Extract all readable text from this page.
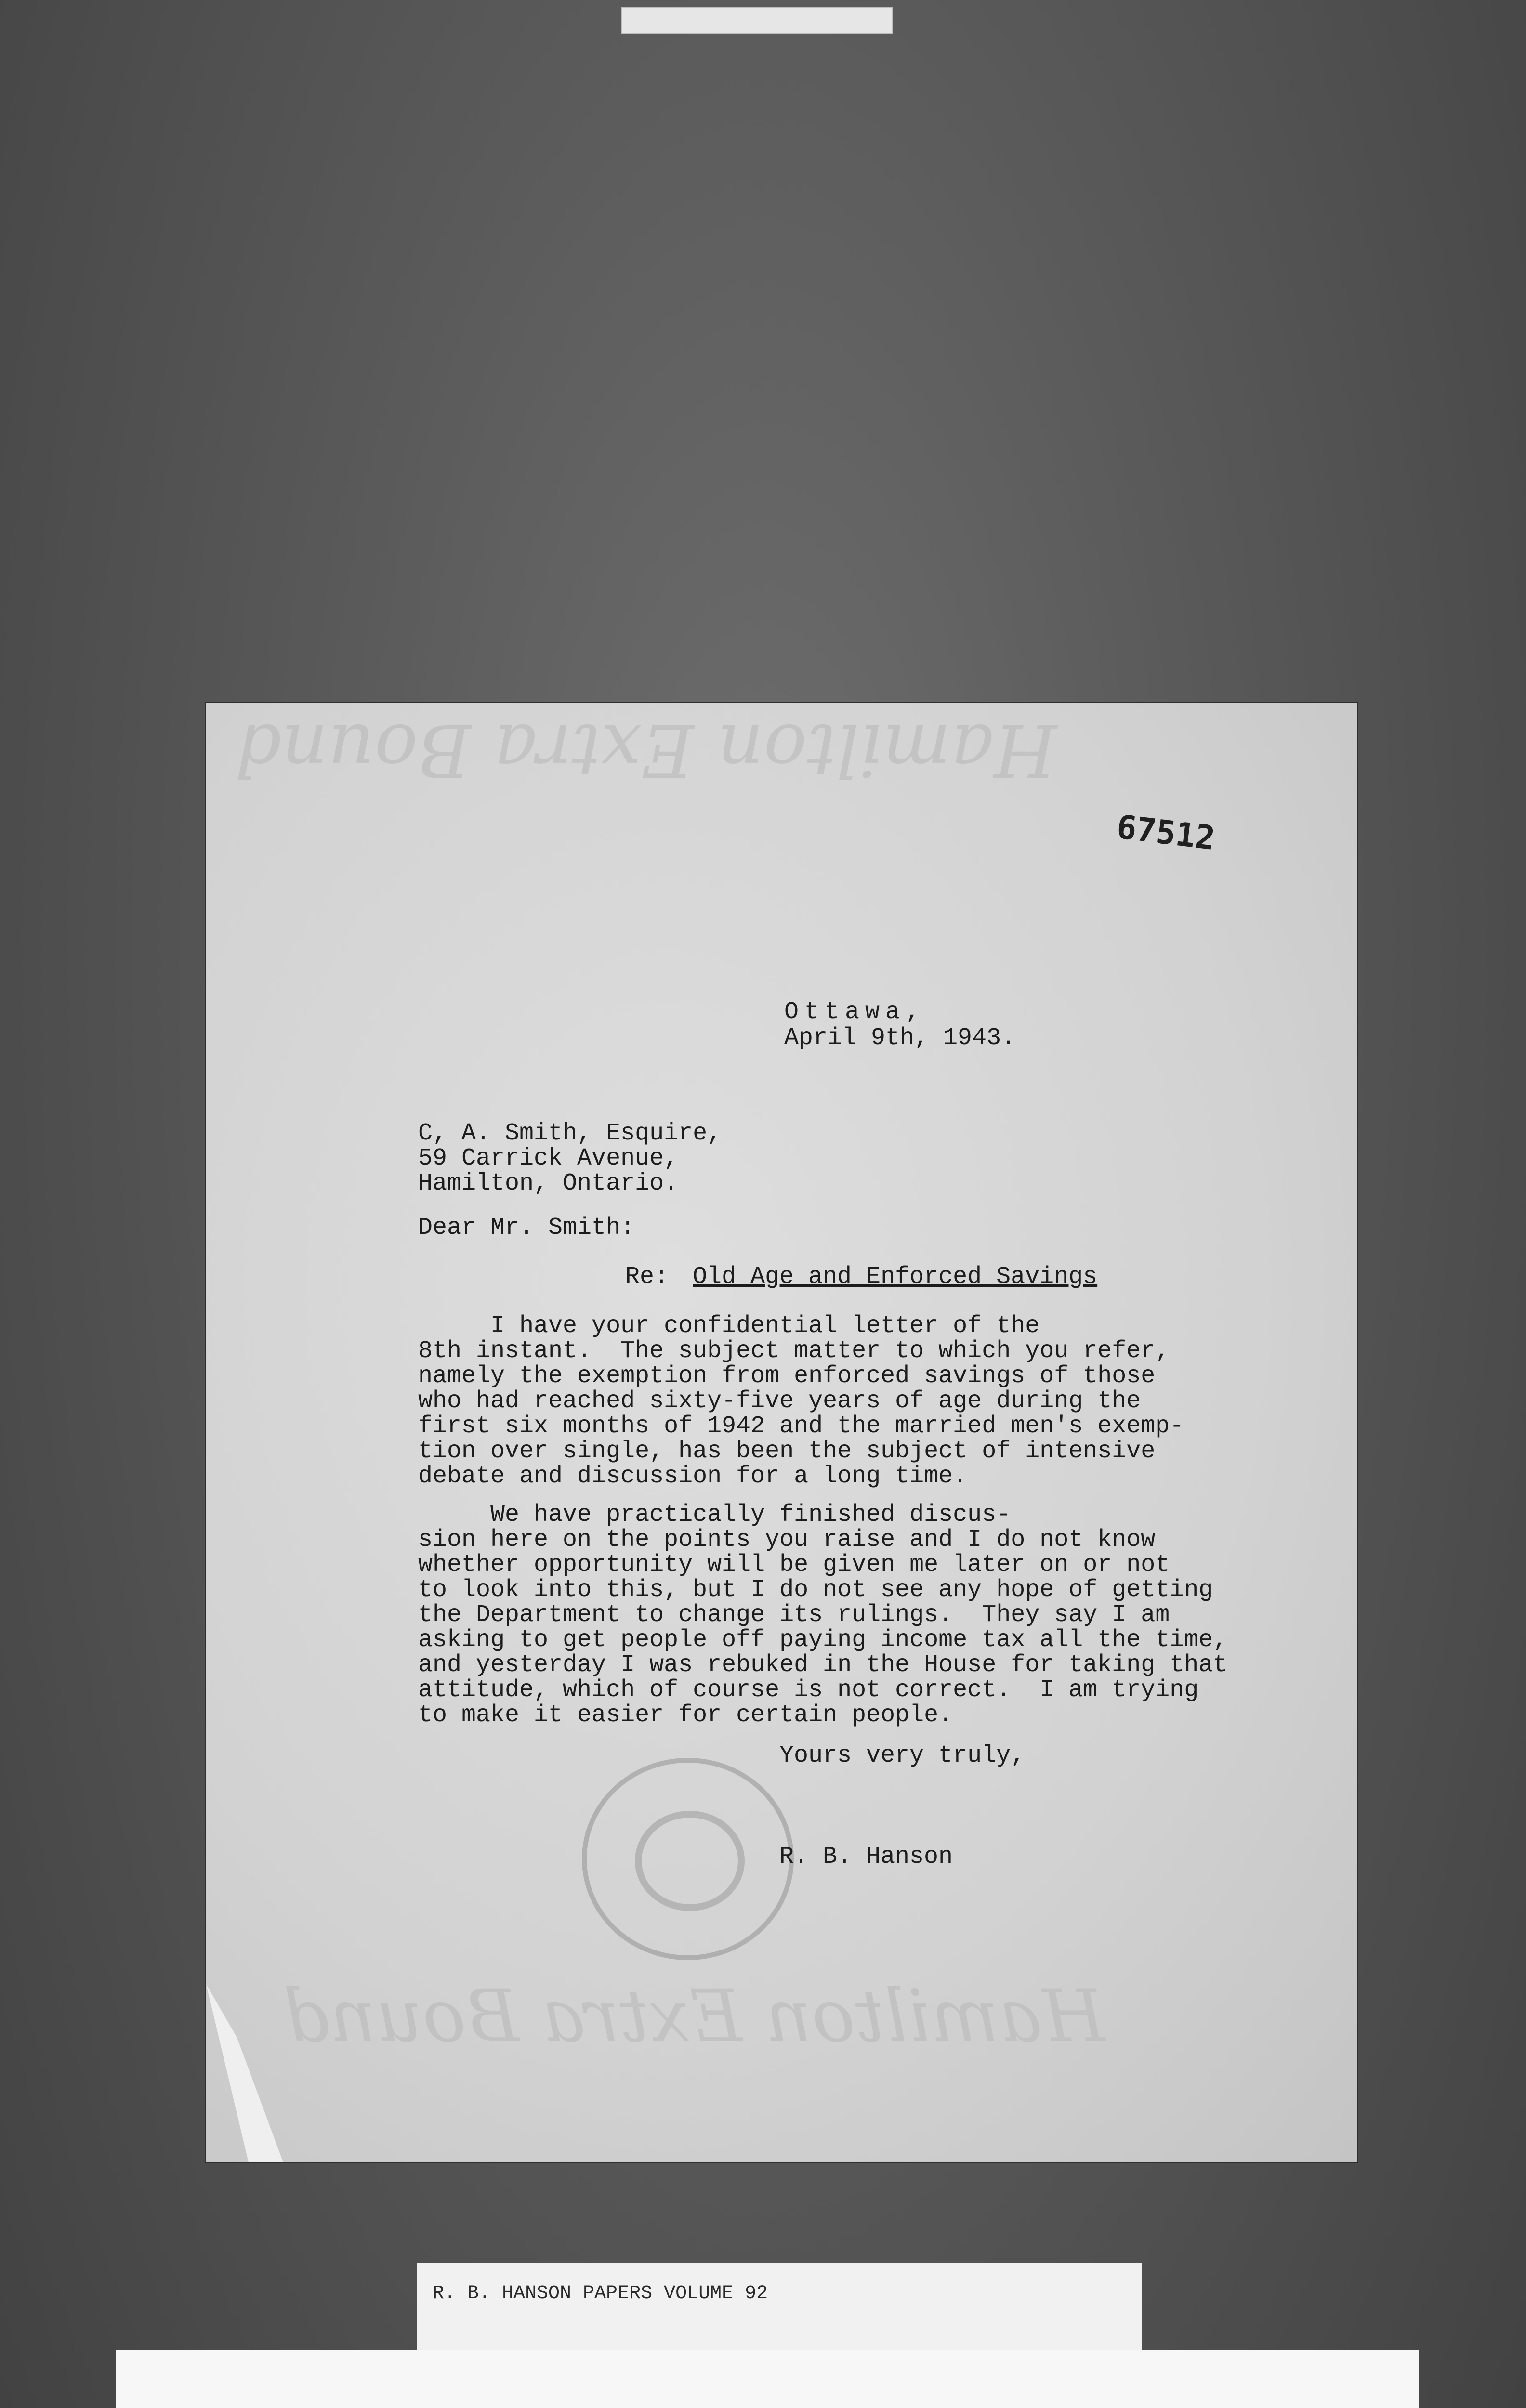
Hamilton Extra Bound
Hamilton Extra Bound
67512
Ottawa,
April 9th, 1943.
C, A. Smith, Esquire,
59 Carrick Avenue,
Hamilton, Ontario.
Dear Mr. Smith:
Re: Old Age and Enforced Savings
I have your confidential letter of the
8th instant.  The subject matter to which you refer,
namely the exemption from enforced savings of those
who had reached sixty-five years of age during the
first six months of 1942 and the married men's exemp-
tion over single, has been the subject of intensive
debate and discussion for a long time.
We have practically finished discus-
sion here on the points you raise and I do not know
whether opportunity will be given me later on or not
to look into this, but I do not see any hope of getting
the Department to change its rulings.  They say I am
asking to get people off paying income tax all the time,
and yesterday I was rebuked in the House for taking that
attitude, which of course is not correct.  I am trying
to make it easier for certain people.
Yours very truly,
R. B. Hanson
R. B. HANSON PAPERS VOLUME 92
